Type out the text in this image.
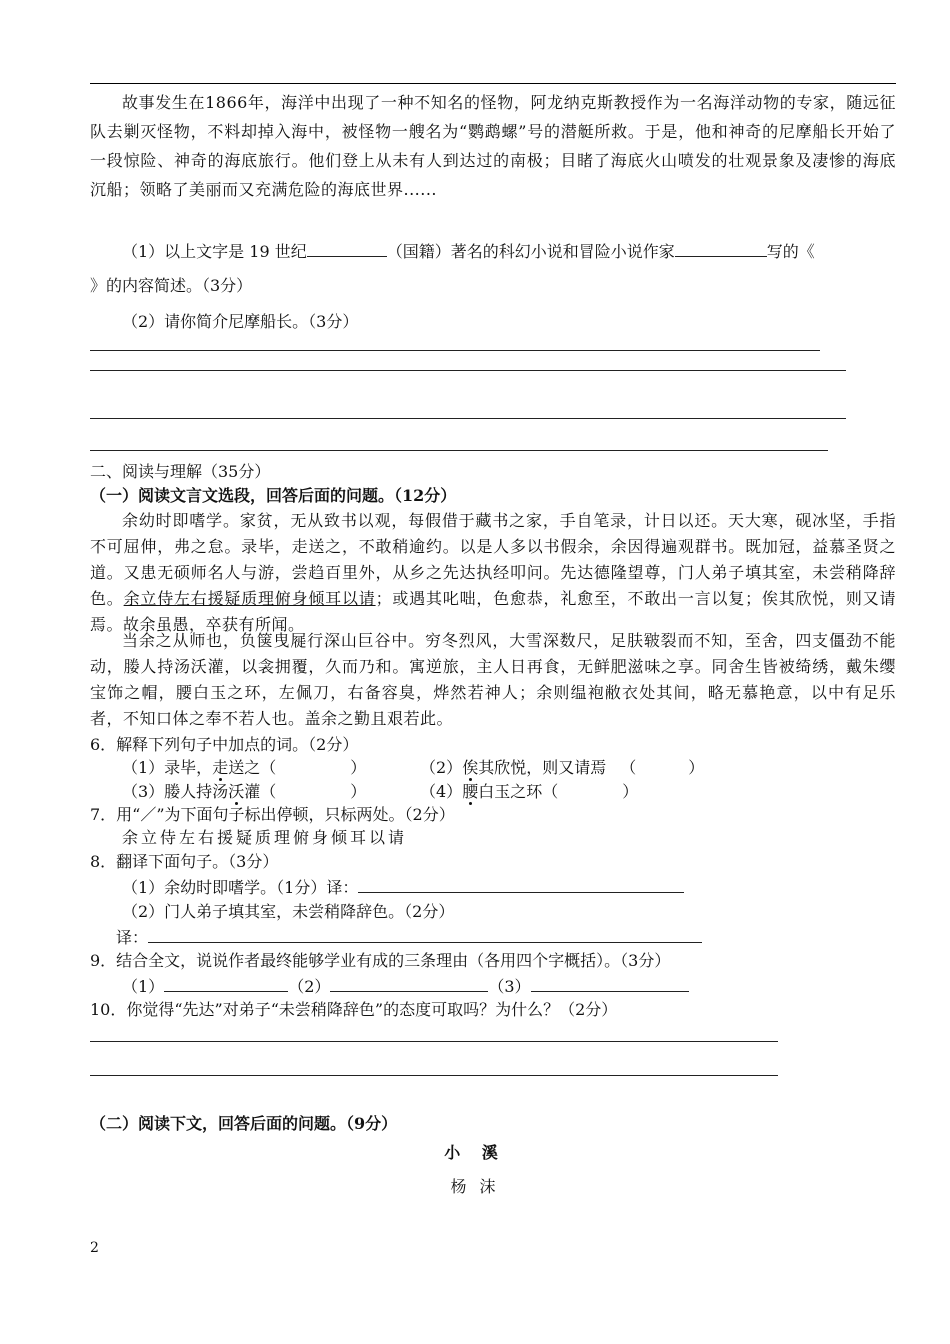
故事发生在1866年，海洋中出现了一种不知名的怪物，阿龙纳克斯教授作为一名海洋动物的专家，随远征队去剿灭怪物，不料却掉入海中，被怪物一艘名为“鹦鹉螺”号的潜艇所救。于是，他和神奇的尼摩船长开始了一段惊险、神奇的海底旅行。他们登上从未有人到达过的南极；目睹了海底火山喷发的壮观景象及凄惨的海底沉船；领略了美丽而又充满危险的海底世界......

（1）以上文字是 19 世纪	（国籍）著名的科幻小说和冒险小说作家	写的《
》的内容简述。（3分）
（2）请你简介尼摩船长。（3分）
二、阅读与理解（35分）
（一）阅读文言文选段，回答后面的问题。（12分）

余幼时即嗜学。家贫，无从致书以观，每假借于藏书之家，手自笔录，计日以还。天大寒，砚冰坚，手指不可屈伸，弗之怠。录毕，走送之，不敢稍逾约。以是人多以书假余，余因得遍观群书。既加冠，益慕圣贤之道。又患无硕师名人与游，尝趋百里外，从乡之先达执经叩问。先达德隆望尊，门人弟子填其室，未尝稍降辞色。余立侍左右援疑质理俯身倾耳以请；或遇其叱咄，色愈恭，礼愈至，不敢出一言以复；俟其欣悦，则又请焉。故余虽愚，卒获有所闻。

当余之从师也，负箧曳屣行深山巨谷中。穷冬烈风，大雪深数尺，足肤皲裂而不知，至舍，四支僵劲不能动，媵人持汤沃灌，以衾拥覆，久而乃和。寓逆旅，主人日再食，无鲜肥滋味之享。同舍生皆被绮绣，戴朱缨宝饰之帽，腰白玉之环，左佩刀，右备容臭，烨然若神人；余则缊袍敝衣处其间，略无慕艳意，以中有足乐者，不知口体之奉不若人也。盖余之勤且艰若此。

6．解释下列句子中加点的词。（2分）
（1）录毕，走送之（	）	（2）俟其欣悦，则又请焉 （	）
（3）媵人持汤沃灌（	）	（4）腰白玉之环（	）
7．用“／”为下面句子标出停顿，只标两处。（2分）
余立侍左右援疑质理俯身倾耳以请
8．翻译下面句子。（3分）
（1）余幼时即嗜学。（1分）译：
（2）门人弟子填其室，未尝稍降辞色。（2分）
译：
9．结合全文，说说作者最终能够学业有成的三条理由（各用四个字概括）。（3分）
（1）	（2）	（3）
10．你觉得“先达”对弟子“未尝稍降辞色”的态度可取吗？为什么？（2分）
（二）阅读下文，回答后面的问题。（9分）
小 溪
杨 沫
2
